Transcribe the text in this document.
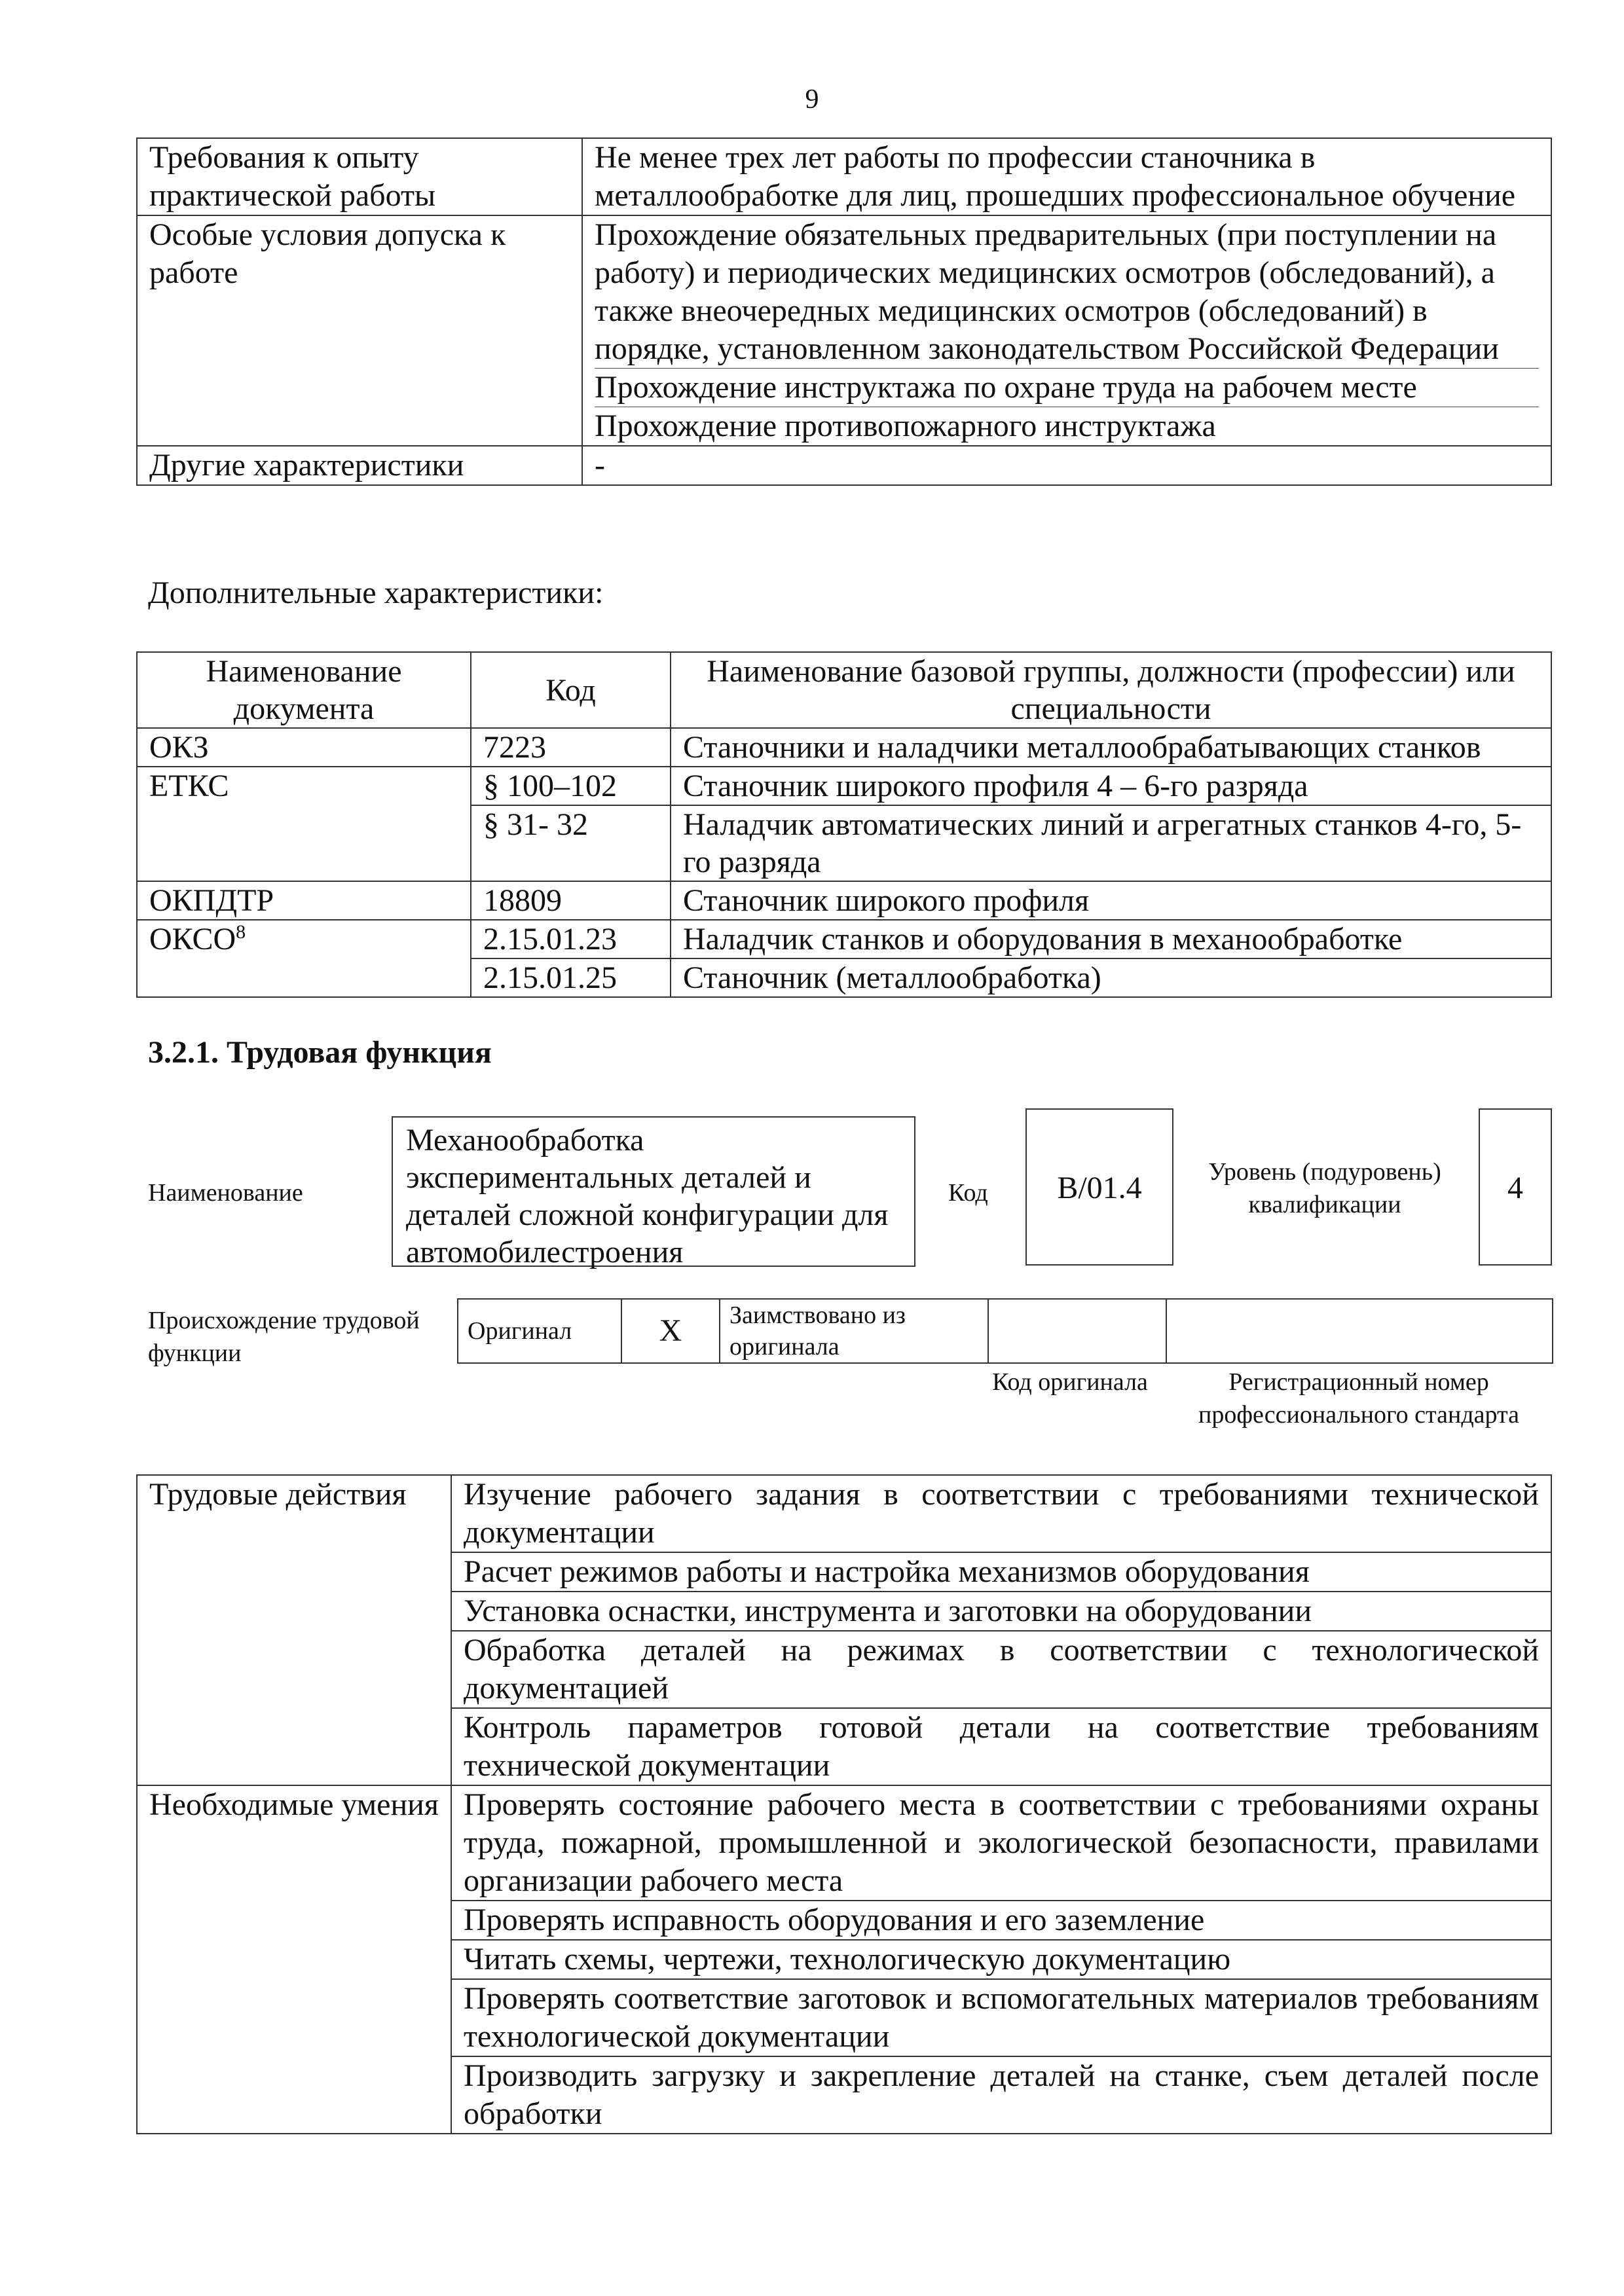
9
Требования к опыту практической работы	Не менее трех лет работы по профессии станочника в металлообработке для лиц, прошедших профессиональное обучение
Особые условия допуска к работе	Прохождение обязательных предварительных (при поступлении на работу) и периодических медицинских осмотров (обследований), а также внеочередных медицинских осмотров (обследований) в порядке, установленном законодательством Российской Федерации
Прохождение инструктажа по охране труда на рабочем месте
Прохождение противопожарного инструктажа
Другие характеристики	-
Дополнительные характеристики:
Наименование документа	Код	Наименование базовой группы, должности (профессии) или специальности
ОКЗ	7223	Станочники и наладчики металлообрабатывающих станков
ЕТКС	§ 100–102	Станочник широкого профиля 4 – 6-го разряда
	§ 31- 32	Наладчик автоматических линий и агрегатных станков 4-го, 5-го разряда
ОКПДТР	18809	Станочник широкого профиля
ОКСО$^8$	2.15.01.23	Наладчик станков и оборудования в механообработке
	2.15.01.25	Станочник (металлообработка)
3.2.1. Трудовая функция
Наименование
Механообработка экспериментальных деталей и деталей сложной конфигурации для автомобилестроения
Код	B/01.4	Уровень (подуровень) квалификации	4
Происхождение трудовой функции
Оригинал	X	Заимствовано из оригинала		
Код оригинала	Регистрационный номер профессионального стандарта
Трудовые действия	Изучение рабочего задания в соответствии с требованиями технической документации
	Расчет режимов работы и настройка механизмов оборудования
	Установка оснастки, инструмента и заготовки на оборудовании
	Обработка деталей на режимах в соответствии с технологической документацией
	Контроль параметров готовой детали на соответствие требованиям технической документации
Необходимые умения	Проверять состояние рабочего места в соответствии с требованиями охраны труда, пожарной, промышленной и экологической безопасности, правилами организации рабочего места
	Проверять исправность оборудования и его заземление
	Читать схемы, чертежи, технологическую документацию
	Проверять соответствие заготовок и вспомогательных материалов требованиям технологической документации
	Производить загрузку и закрепление деталей на станке, съем деталей после обработки
